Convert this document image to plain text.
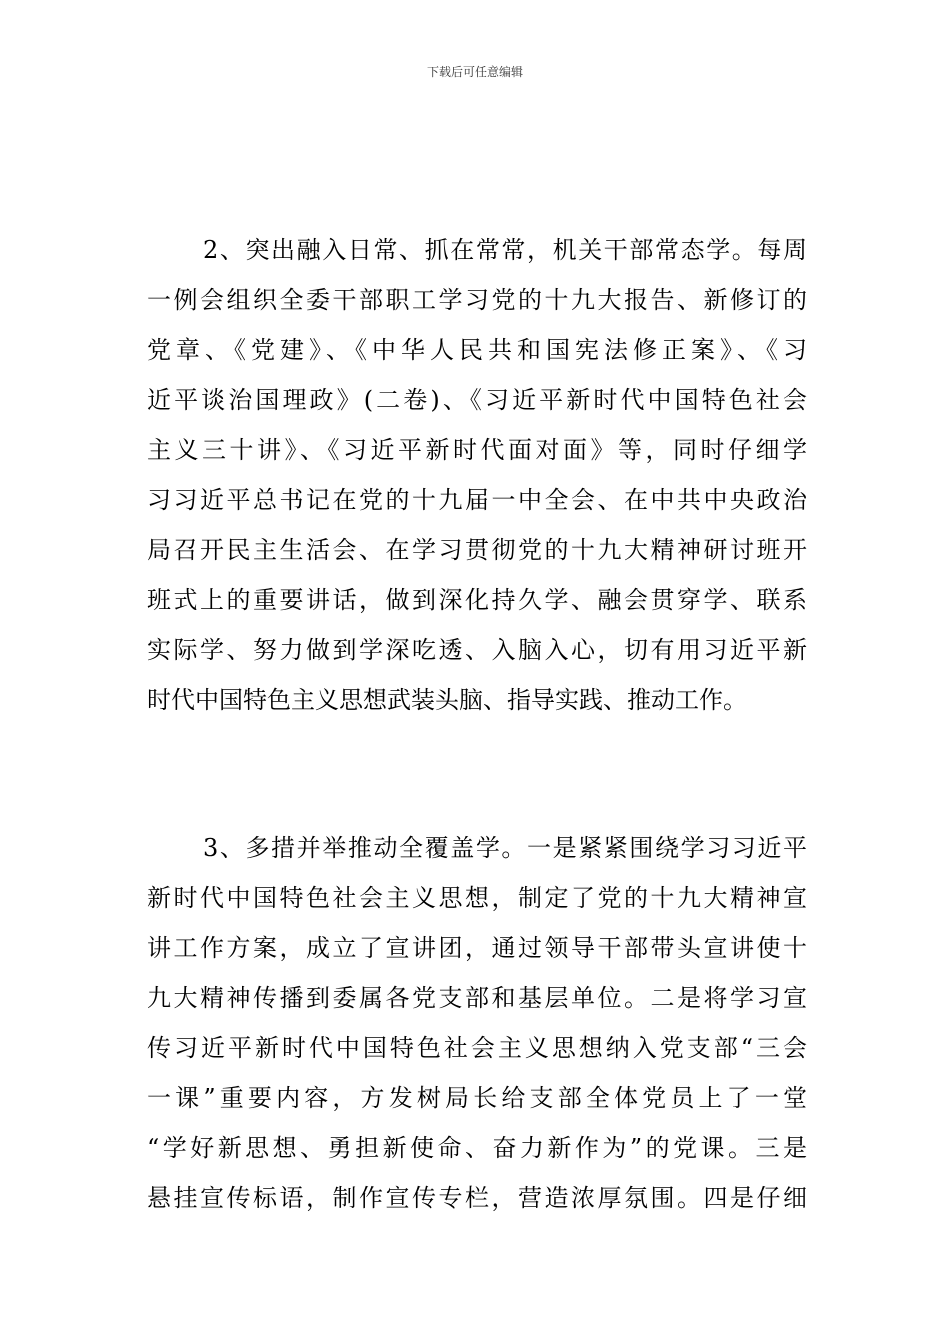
下载后可任意编辑
2、突出融入日常、抓在常常，机关干部常态学。每周
一例会组织全委干部职工学习党的十九大报告、新修订的
党章、《党建》、《中华人民共和国宪法修正案》、《习
近平谈治国理政》(二卷)、《习近平新时代中国特色社会
主义三十讲》、《习近平新时代面对面》等，同时仔细学
习习近平总书记在党的十九届一中全会、在中共中央政治
局召开民主生活会、在学习贯彻党的十九大精神研讨班开
班式上的重要讲话，做到深化持久学、融会贯穿学、联系
实际学、努力做到学深吃透、入脑入心，切有用习近平新
时代中国特色主义思想武装头脑、指导实践、推动工作。
3、多措并举推动全覆盖学。一是紧紧围绕学习习近平
新时代中国特色社会主义思想，制定了党的十九大精神宣
讲工作方案，成立了宣讲团，通过领导干部带头宣讲使十
九大精神传播到委属各党支部和基层单位。二是将学习宣
传习近平新时代中国特色社会主义思想纳入党支部“三会
一课”重要内容，方发树局长给支部全体党员上了一堂
“学好新思想、勇担新使命、奋力新作为”的党课。三是
悬挂宣传标语，制作宣传专栏，营造浓厚氛围。四是仔细
